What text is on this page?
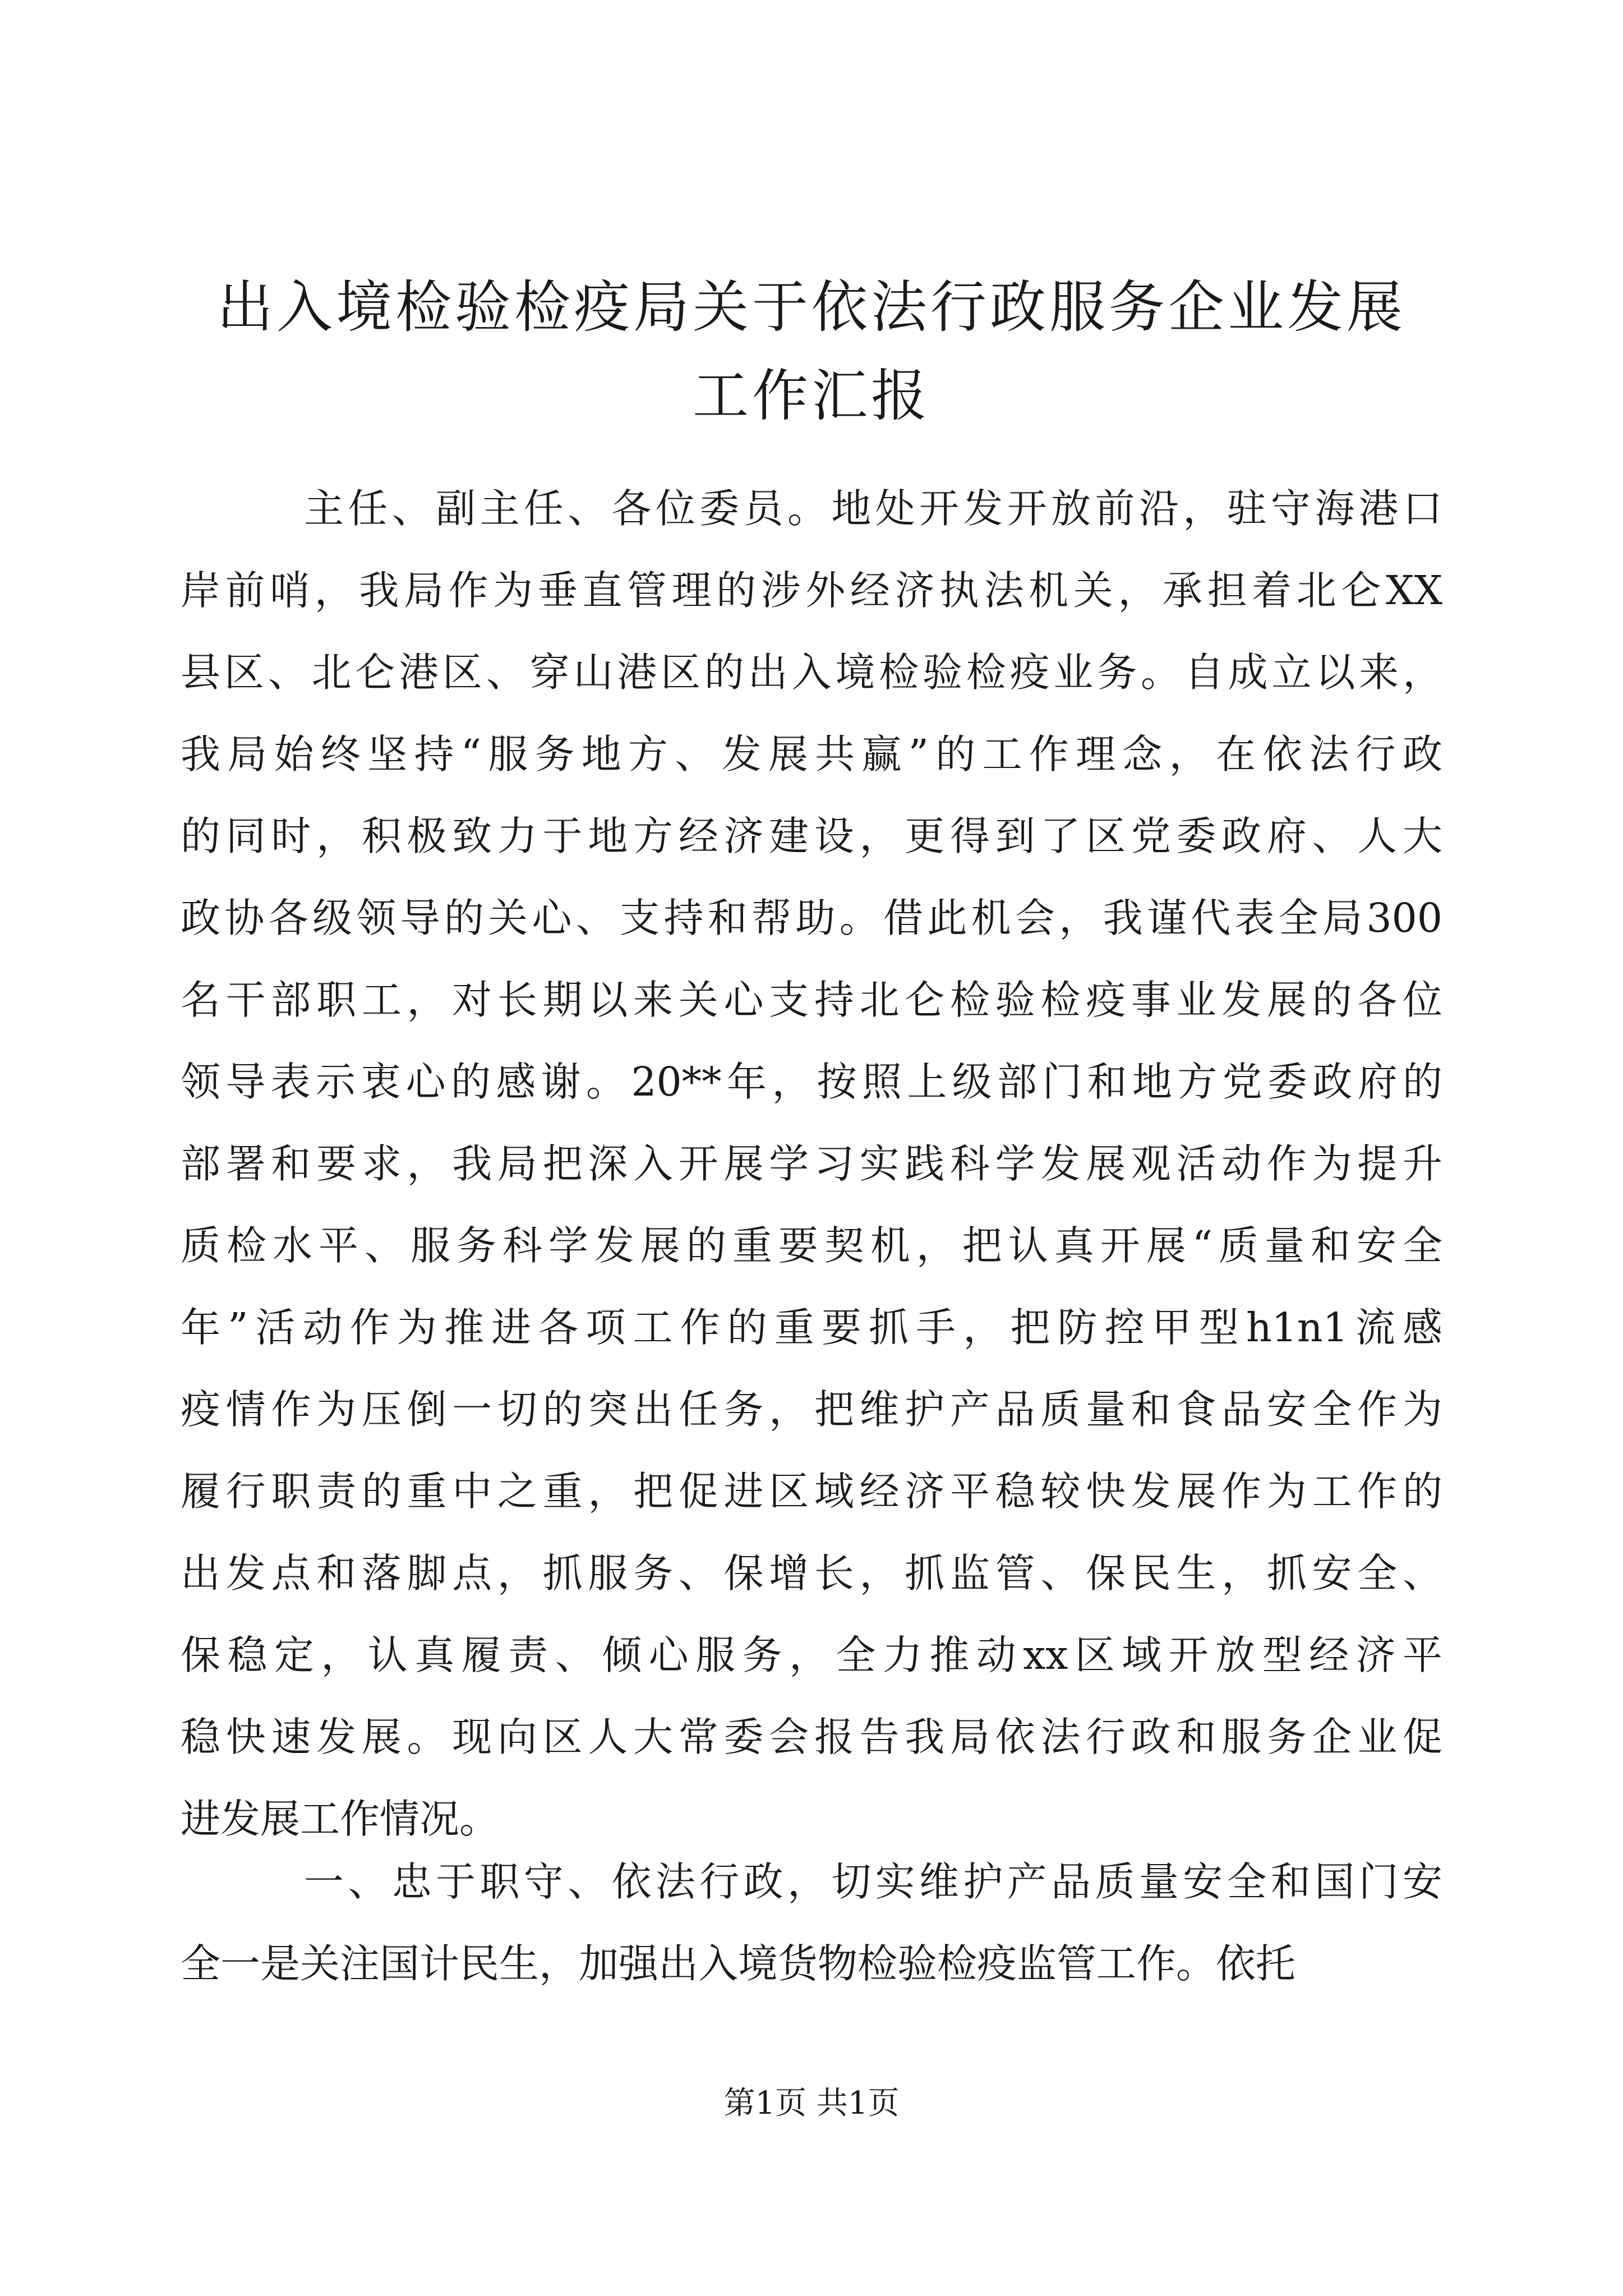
出入境检验检疫局关于依法行政服务企业发展
工作汇报

主任、副主任、各位委员。地处开发开放前沿，驻守海港口

岸前哨，我局作为垂直管理的涉外经济执法机关，承担着北仑XX

县区、北仑港区、穿山港区的出入境检验检疫业务。自成立以来，

我局始终坚持“服务地方、发展共赢”的工作理念，在依法行政

的同时，积极致力于地方经济建设，更得到了区党委政府、人大

政协各级领导的关心、支持和帮助。借此机会，我谨代表全局300

名干部职工，对长期以来关心支持北仑检验检疫事业发展的各位

领导表示衷心的感谢。20**年，按照上级部门和地方党委政府的

部署和要求，我局把深入开展学习实践科学发展观活动作为提升

质检水平、服务科学发展的重要契机，把认真开展“质量和安全

年”活动作为推进各项工作的重要抓手，把防控甲型h1n1流感

疫情作为压倒一切的突出任务，把维护产品质量和食品安全作为

履行职责的重中之重，把促进区域经济平稳较快发展作为工作的

出发点和落脚点，抓服务、保增长，抓监管、保民生，抓安全、

保稳定，认真履责、倾心服务，全力推动xx区域开放型经济平

稳快速发展。现向区人大常委会报告我局依法行政和服务企业促

进发展工作情况。

一、忠于职守、依法行政，切实维护产品质量安全和国门安

全一是关注国计民生，加强出入境货物检验检疫监管工作。依托

第1页 共1页
